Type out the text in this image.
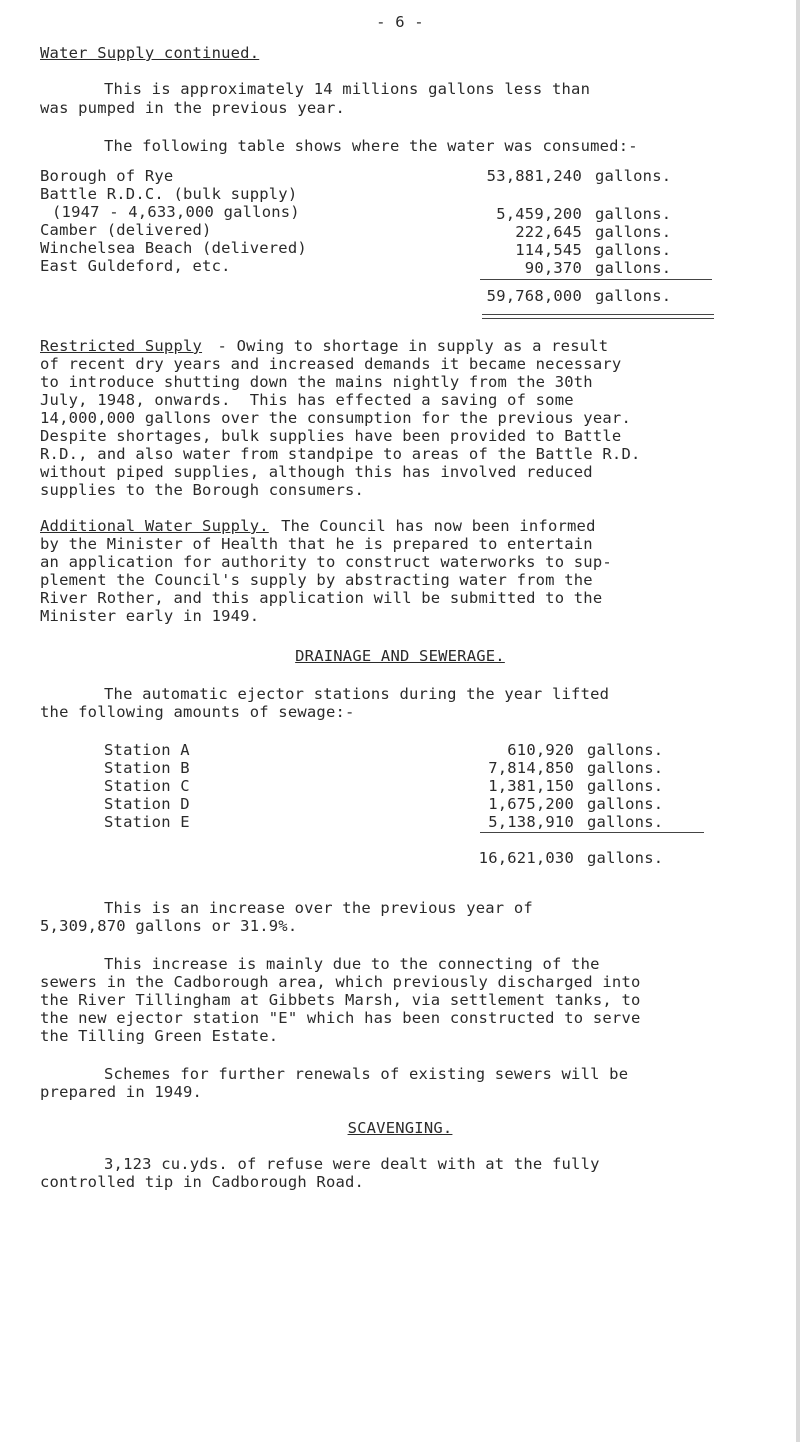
- 6 -
Water Supply continued.
This is approximately 14 millions gallons less than
was pumped in the previous year.
The following table shows where the water was consumed:-
Borough of Rye	53,881,240 gallons.
Battle R.D.C. (bulk supply)
(1947 - 4,633,000 gallons)	5,459,200 gallons.
Camber (delivered)	222,645 gallons.
Winchelsea Beach (delivered)	114,545 gallons.
East Guldeford, etc.	90,370 gallons.
59,768,000 gallons.
Restricted Supply - Owing to shortage in supply as a result
of recent dry years and increased demands it became necessary
to introduce shutting down the mains nightly from the 30th
July, 1948, onwards.  This has effected a saving of some
14,000,000 gallons over the consumption for the previous year.
Despite shortages, bulk supplies have been provided to Battle
R.D., and also water from standpipe to areas of the Battle R.D.
without piped supplies, although this has involved reduced
supplies to the Borough consumers.
Additional Water Supply.
The Council has now been informed
by the Minister of Health that he is prepared to entertain
an application for authority to construct waterworks to sup-
plement the Council's supply by abstracting water from the
River Rother, and this application will be submitted to the
Minister early in 1949.
DRAINAGE AND SEWERAGE.
The automatic ejector stations during the year lifted
the following amounts of sewage:-
Station A	610,920 gallons.
Station B	7,814,850 gallons.
Station C	1,381,150 gallons.
Station D	1,675,200 gallons.
Station E	5,138,910 gallons.
16,621,030 gallons.
This is an increase over the previous year of
5,309,870 gallons or 31.9%.
This increase is mainly due to the connecting of the
sewers in the Cadborough area, which previously discharged into
the River Tillingham at Gibbets Marsh, via settlement tanks, to
the new ejector station "E" which has been constructed to serve
the Tilling Green Estate.
Schemes for further renewals of existing sewers will be
prepared in 1949.
SCAVENGING.
3,123 cu.yds. of refuse were dealt with at the fully
controlled tip in Cadborough Road.
